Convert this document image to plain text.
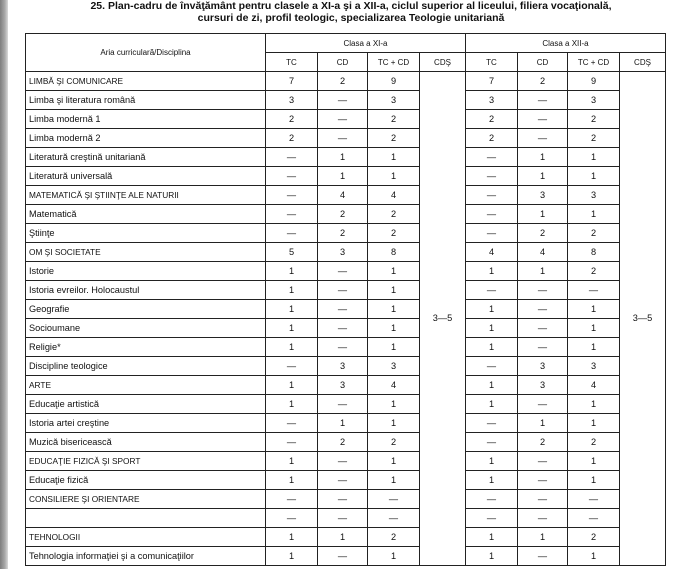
25. Plan-cadru de învăţământ pentru clasele a XI-a şi a XII-a, ciclul superior al liceului, filiera vocaţională,
cursuri de zi, profil teologic, specializarea Teologie unitariană
Aria curriculară/Disciplina	Clasa a XI-a				Clasa a XII-a			
	TC	CD	TC + CD	CDŞ	TC	CD	TC + CD	CDŞ
LIMBĂ ŞI COMUNICARE	7	2	9	3—5	7	2	9	3—5
Limba şi literatura română	3	—	3		3	—	3	
Limba modernă 1	2	—	2		2	—	2	
Limba modernă 2	2	—	2		2	—	2	
Literatură creştină unitariană	—	1	1		—	1	1	
Literatură universală	—	1	1		—	1	1	
MATEMATICĂ ŞI ŞTIINŢE ALE NATURII	—	4	4		—	3	3	
Matematică	—	2	2		—	1	1	
Ştiinţe	—	2	2		—	2	2	
OM ŞI SOCIETATE	5	3	8		4	4	8	
Istorie	1	—	1		1	1	2	
Istoria evreilor. Holocaustul	1	—	1		—	—	—	
Geografie	1	—	1		1	—	1	
Socioumane	1	—	1		1	—	1	
Religie*	1	—	1		1	—	1	
Discipline teologice	—	3	3		—	3	3	
ARTE	1	3	4		1	3	4	
Educaţie artistică	1	—	1		1	—	1	
Istoria artei creştine	—	1	1		—	1	1	
Muzică bisericească	—	2	2		—	2	2	
EDUCAŢIE FIZICĂ ŞI SPORT	1	—	1		1	—	1	
Educaţie fizică	1	—	1		1	—	1	
CONSILIERE ŞI ORIENTARE	—	—	—		—	—	—	
	—	—	—		—	—	—	
TEHNOLOGII	1	1	2		1	1	2	
Tehnologia informaţiei şi a comunicaţiilor	1	—	1		1	—	1	
